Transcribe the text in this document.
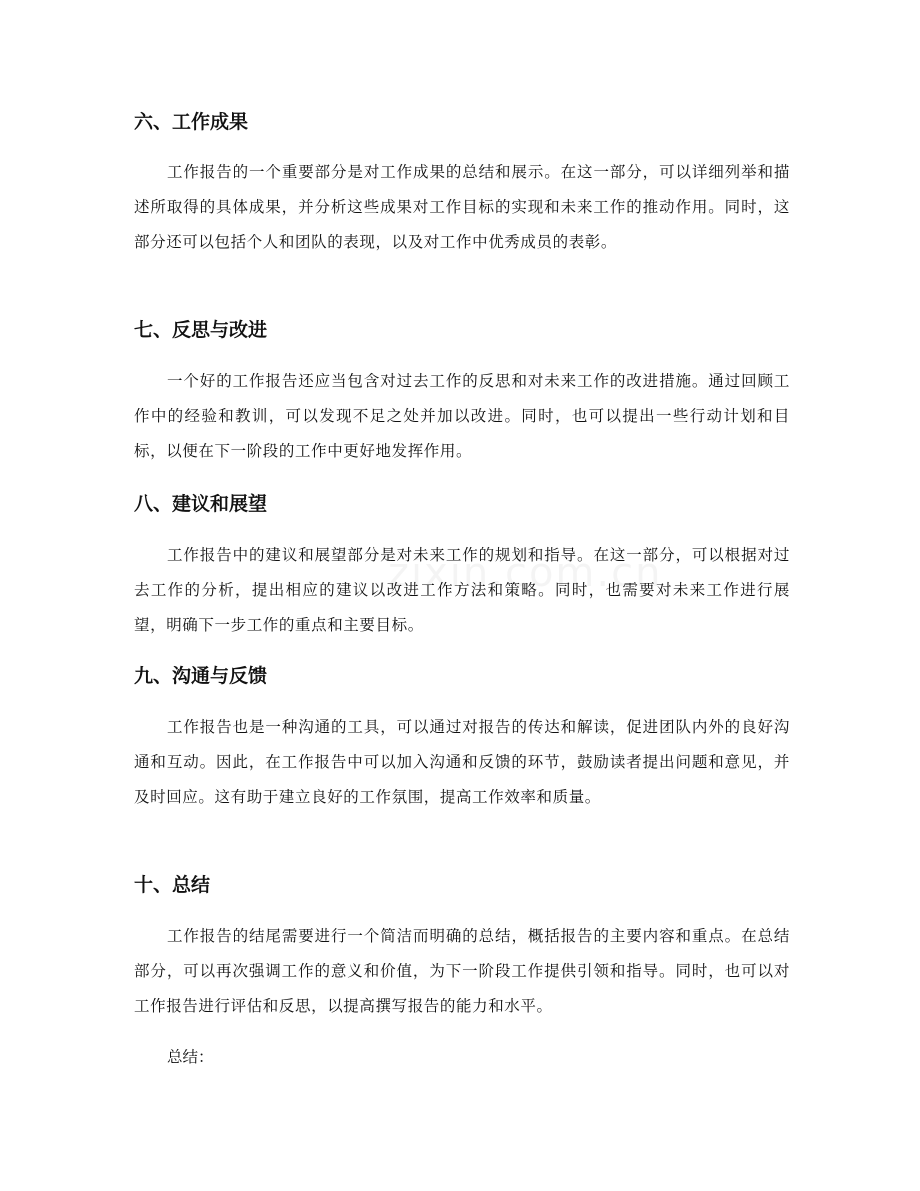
六、工作成果

工作报告的一个重要部分是对工作成果的总结和展示。在这一部分，可以详细列举和描述所取得的具体成果，并分析这些成果对工作目标的实现和未来工作的推动作用。同时，这部分还可以包括个人和团队的表现，以及对工作中优秀成员的表彰。

七、反思与改进

一个好的工作报告还应当包含对过去工作的反思和对未来工作的改进措施。通过回顾工作中的经验和教训，可以发现不足之处并加以改进。同时，也可以提出一些行动计划和目标，以便在下一阶段的工作中更好地发挥作用。

八、建议和展望

工作报告中的建议和展望部分是对未来工作的规划和指导。在这一部分，可以根据对过去工作的分析，提出相应的建议以改进工作方法和策略。同时，也需要对未来工作进行展望，明确下一步工作的重点和主要目标。

九、沟通与反馈

工作报告也是一种沟通的工具，可以通过对报告的传达和解读，促进团队内外的良好沟通和互动。因此，在工作报告中可以加入沟通和反馈的环节，鼓励读者提出问题和意见，并及时回应。这有助于建立良好的工作氛围，提高工作效率和质量。

十、总结

工作报告的结尾需要进行一个简洁而明确的总结，概括报告的主要内容和重点。在总结部分，可以再次强调工作的意义和价值，为下一阶段工作提供引领和指导。同时，也可以对工作报告进行评估和反思，以提高撰写报告的能力和水平。

总结：
